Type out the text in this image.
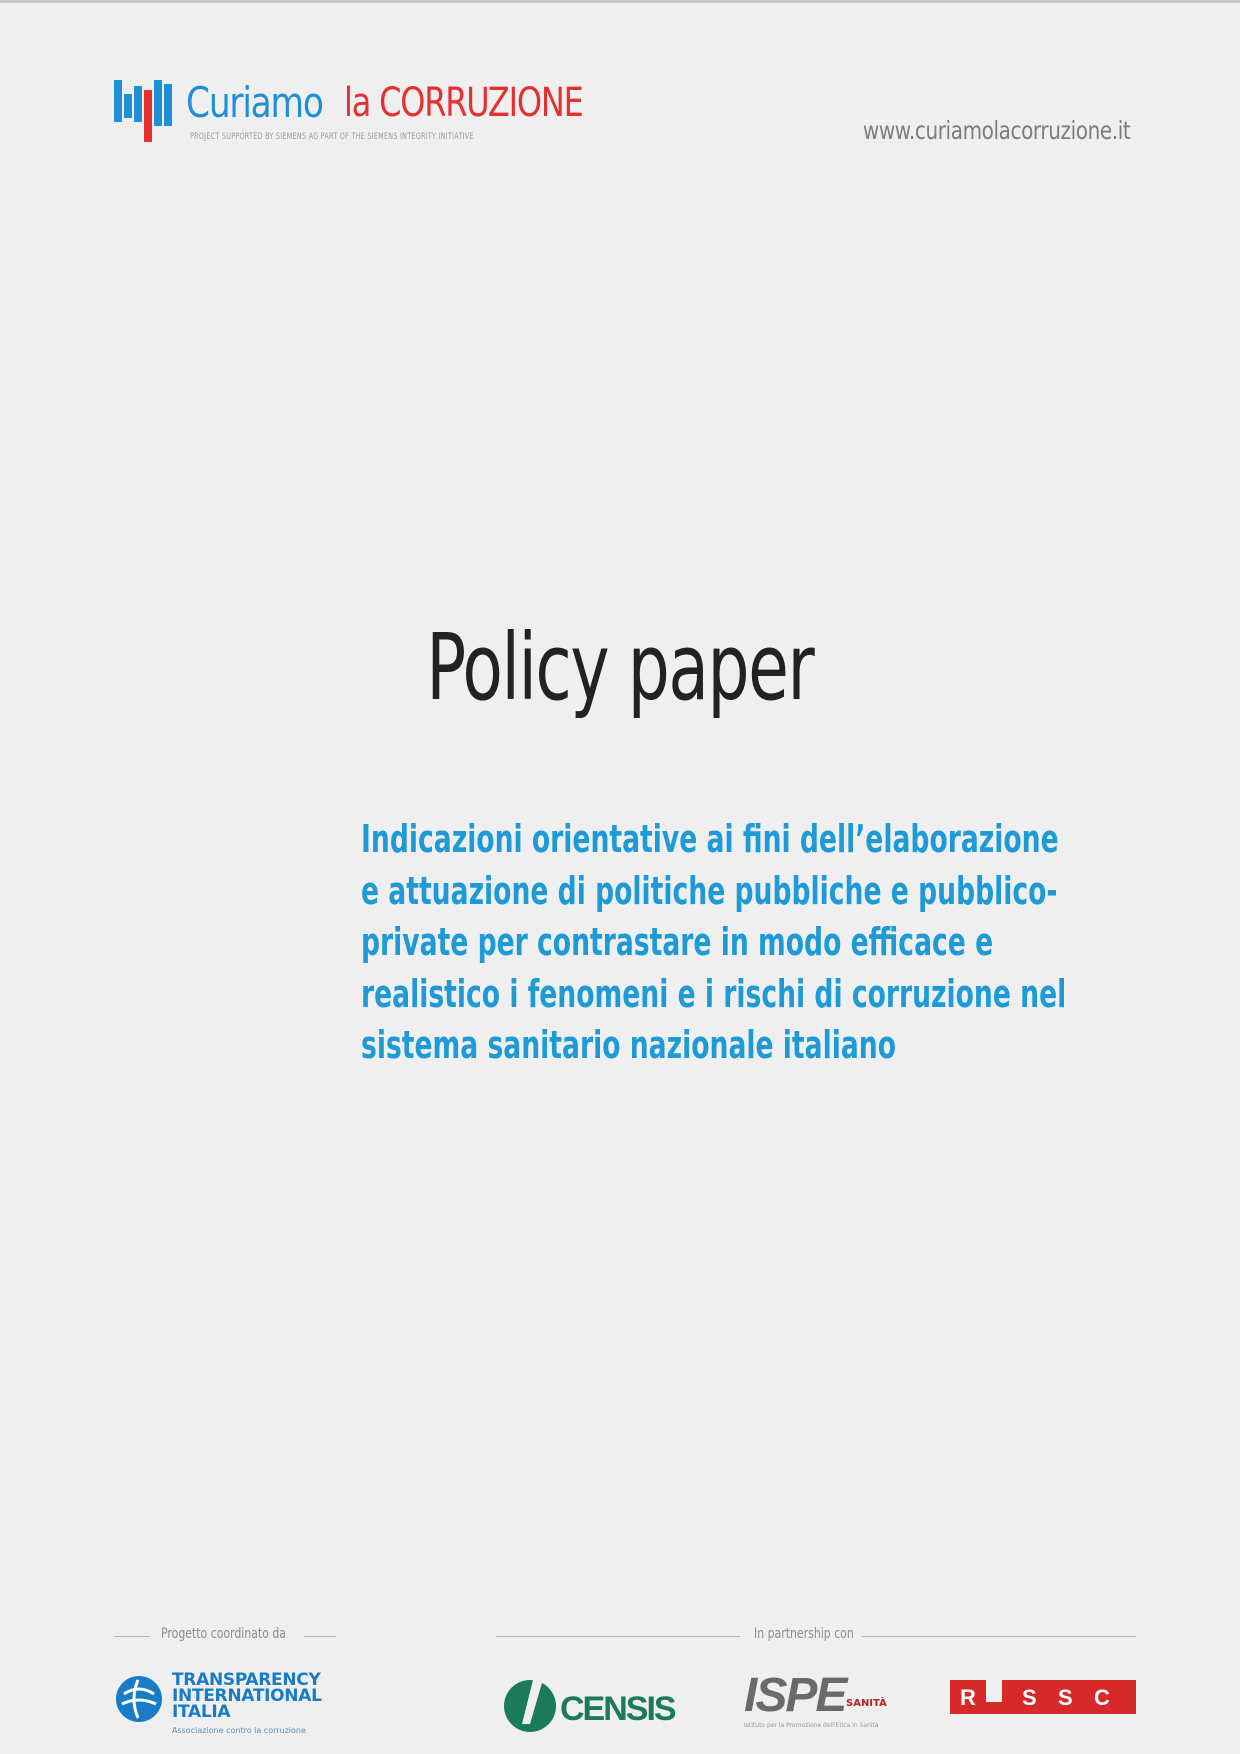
Curiamo la CORRUZIONE
PROJECT SUPPORTED BY SIEMENS AG PART OF THE SIEMENS INTEGRITY INITIATIVE	www.curiamolacorruzione.it
Policy paper
Indicazioni orientative ai fini dell’elaborazione
e attuazione di politiche pubbliche e pubblico-
private per contrastare in modo efficace e
realistico i fenomeni e i rischi di corruzione nel
sistema sanitario nazionale italiano
Progetto coordinato da	In partnership con
TRANSPARENCY
INTERNATIONAL
ITALIA
Associazione contro la corruzione
CENSIS ISPE SANITÀ
Istituto per la Promozione dell'Etica in Sanità
R S S C
